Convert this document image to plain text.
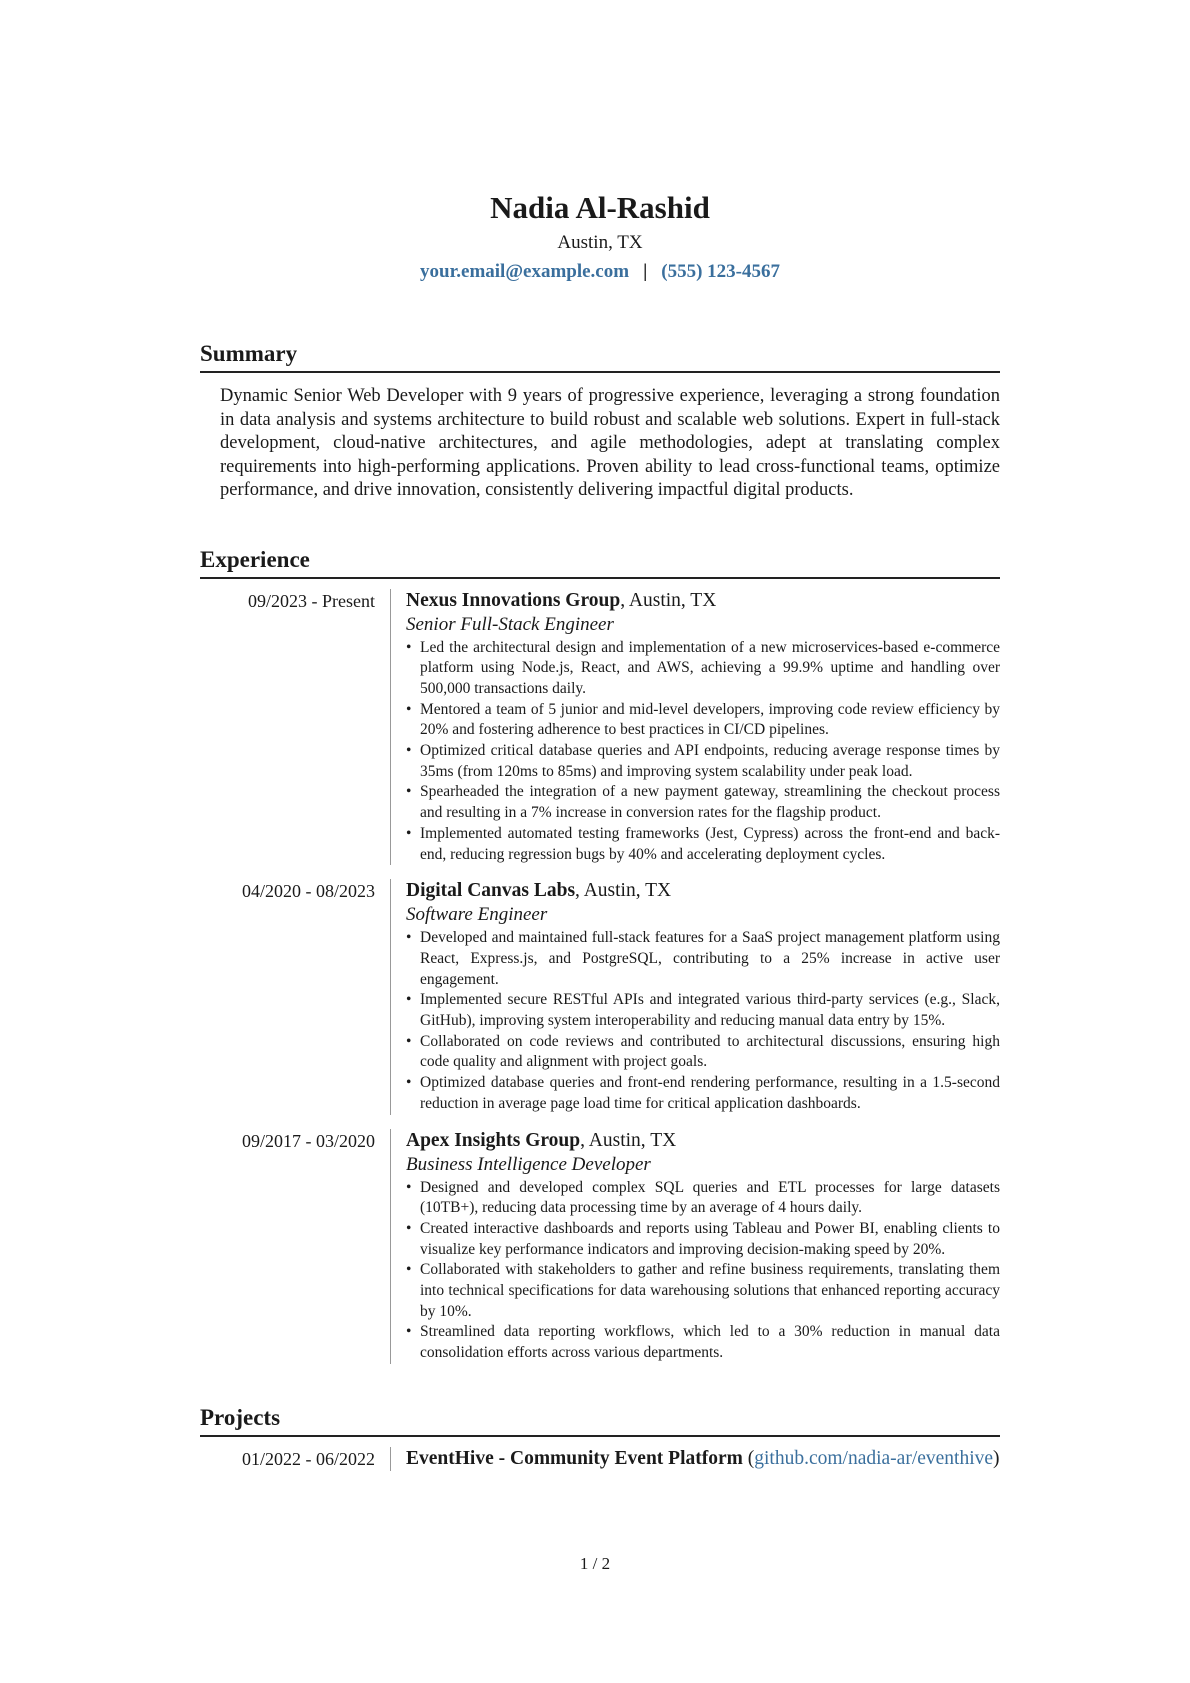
Nadia Al-Rashid
Austin, TX
your.email@example.com | (555) 123-4567
Summary
Dynamic Senior Web Developer with 9 years of progressive experience, leveraging a strong foundation in data analysis and systems architecture to build robust and scalable web solutions. Expert in full-stack development, cloud-native architectures, and agile methodologies, adept at translating complex requirements into high-performing applications. Proven ability to lead cross-functional teams, optimize performance, and drive innovation, consistently delivering impactful digital products.
Experience
09/2023 - Present	Nexus Innovations Group, Austin, TX
Senior Full-Stack Engineer
• Led the architectural design and implementation of a new microservices-based e-commerce platform using Node.js, React, and AWS, achieving a 99.9% uptime and handling over 500,000 transactions daily.
• Mentored a team of 5 junior and mid-level developers, improving code review efficiency by 20% and fostering adherence to best practices in CI/CD pipelines.
• Optimized critical database queries and API endpoints, reducing average response times by 35ms (from 120ms to 85ms) and improving system scalability under peak load.
• Spearheaded the integration of a new payment gateway, streamlining the checkout process and resulting in a 7% increase in conversion rates for the flagship product.
• Implemented automated testing frameworks (Jest, Cypress) across the front-end and back-end, reducing regression bugs by 40% and accelerating deployment cycles.
04/2020 - 08/2023	Digital Canvas Labs, Austin, TX
Software Engineer
• Developed and maintained full-stack features for a SaaS project management platform using React, Express.js, and PostgreSQL, contributing to a 25% increase in active user engagement.
• Implemented secure RESTful APIs and integrated various third-party services (e.g., Slack, GitHub), improving system interoperability and reducing manual data entry by 15%.
• Collaborated on code reviews and contributed to architectural discussions, ensuring high code quality and alignment with project goals.
• Optimized database queries and front-end rendering performance, resulting in a 1.5-second reduction in average page load time for critical application dashboards.
09/2017 - 03/2020	Apex Insights Group, Austin, TX
Business Intelligence Developer
• Designed and developed complex SQL queries and ETL processes for large datasets (10TB+), reducing data processing time by an average of 4 hours daily.
• Created interactive dashboards and reports using Tableau and Power BI, enabling clients to visualize key performance indicators and improving decision-making speed by 20%.
• Collaborated with stakeholders to gather and refine business requirements, translating them into technical specifications for data warehousing solutions that enhanced reporting accuracy by 10%.
• Streamlined data reporting workflows, which led to a 30% reduction in manual data consolidation efforts across various departments.
Projects
01/2022 - 06/2022	EventHive - Community Event Platform (github.com/nadia-ar/eventhive)
1 / 2
